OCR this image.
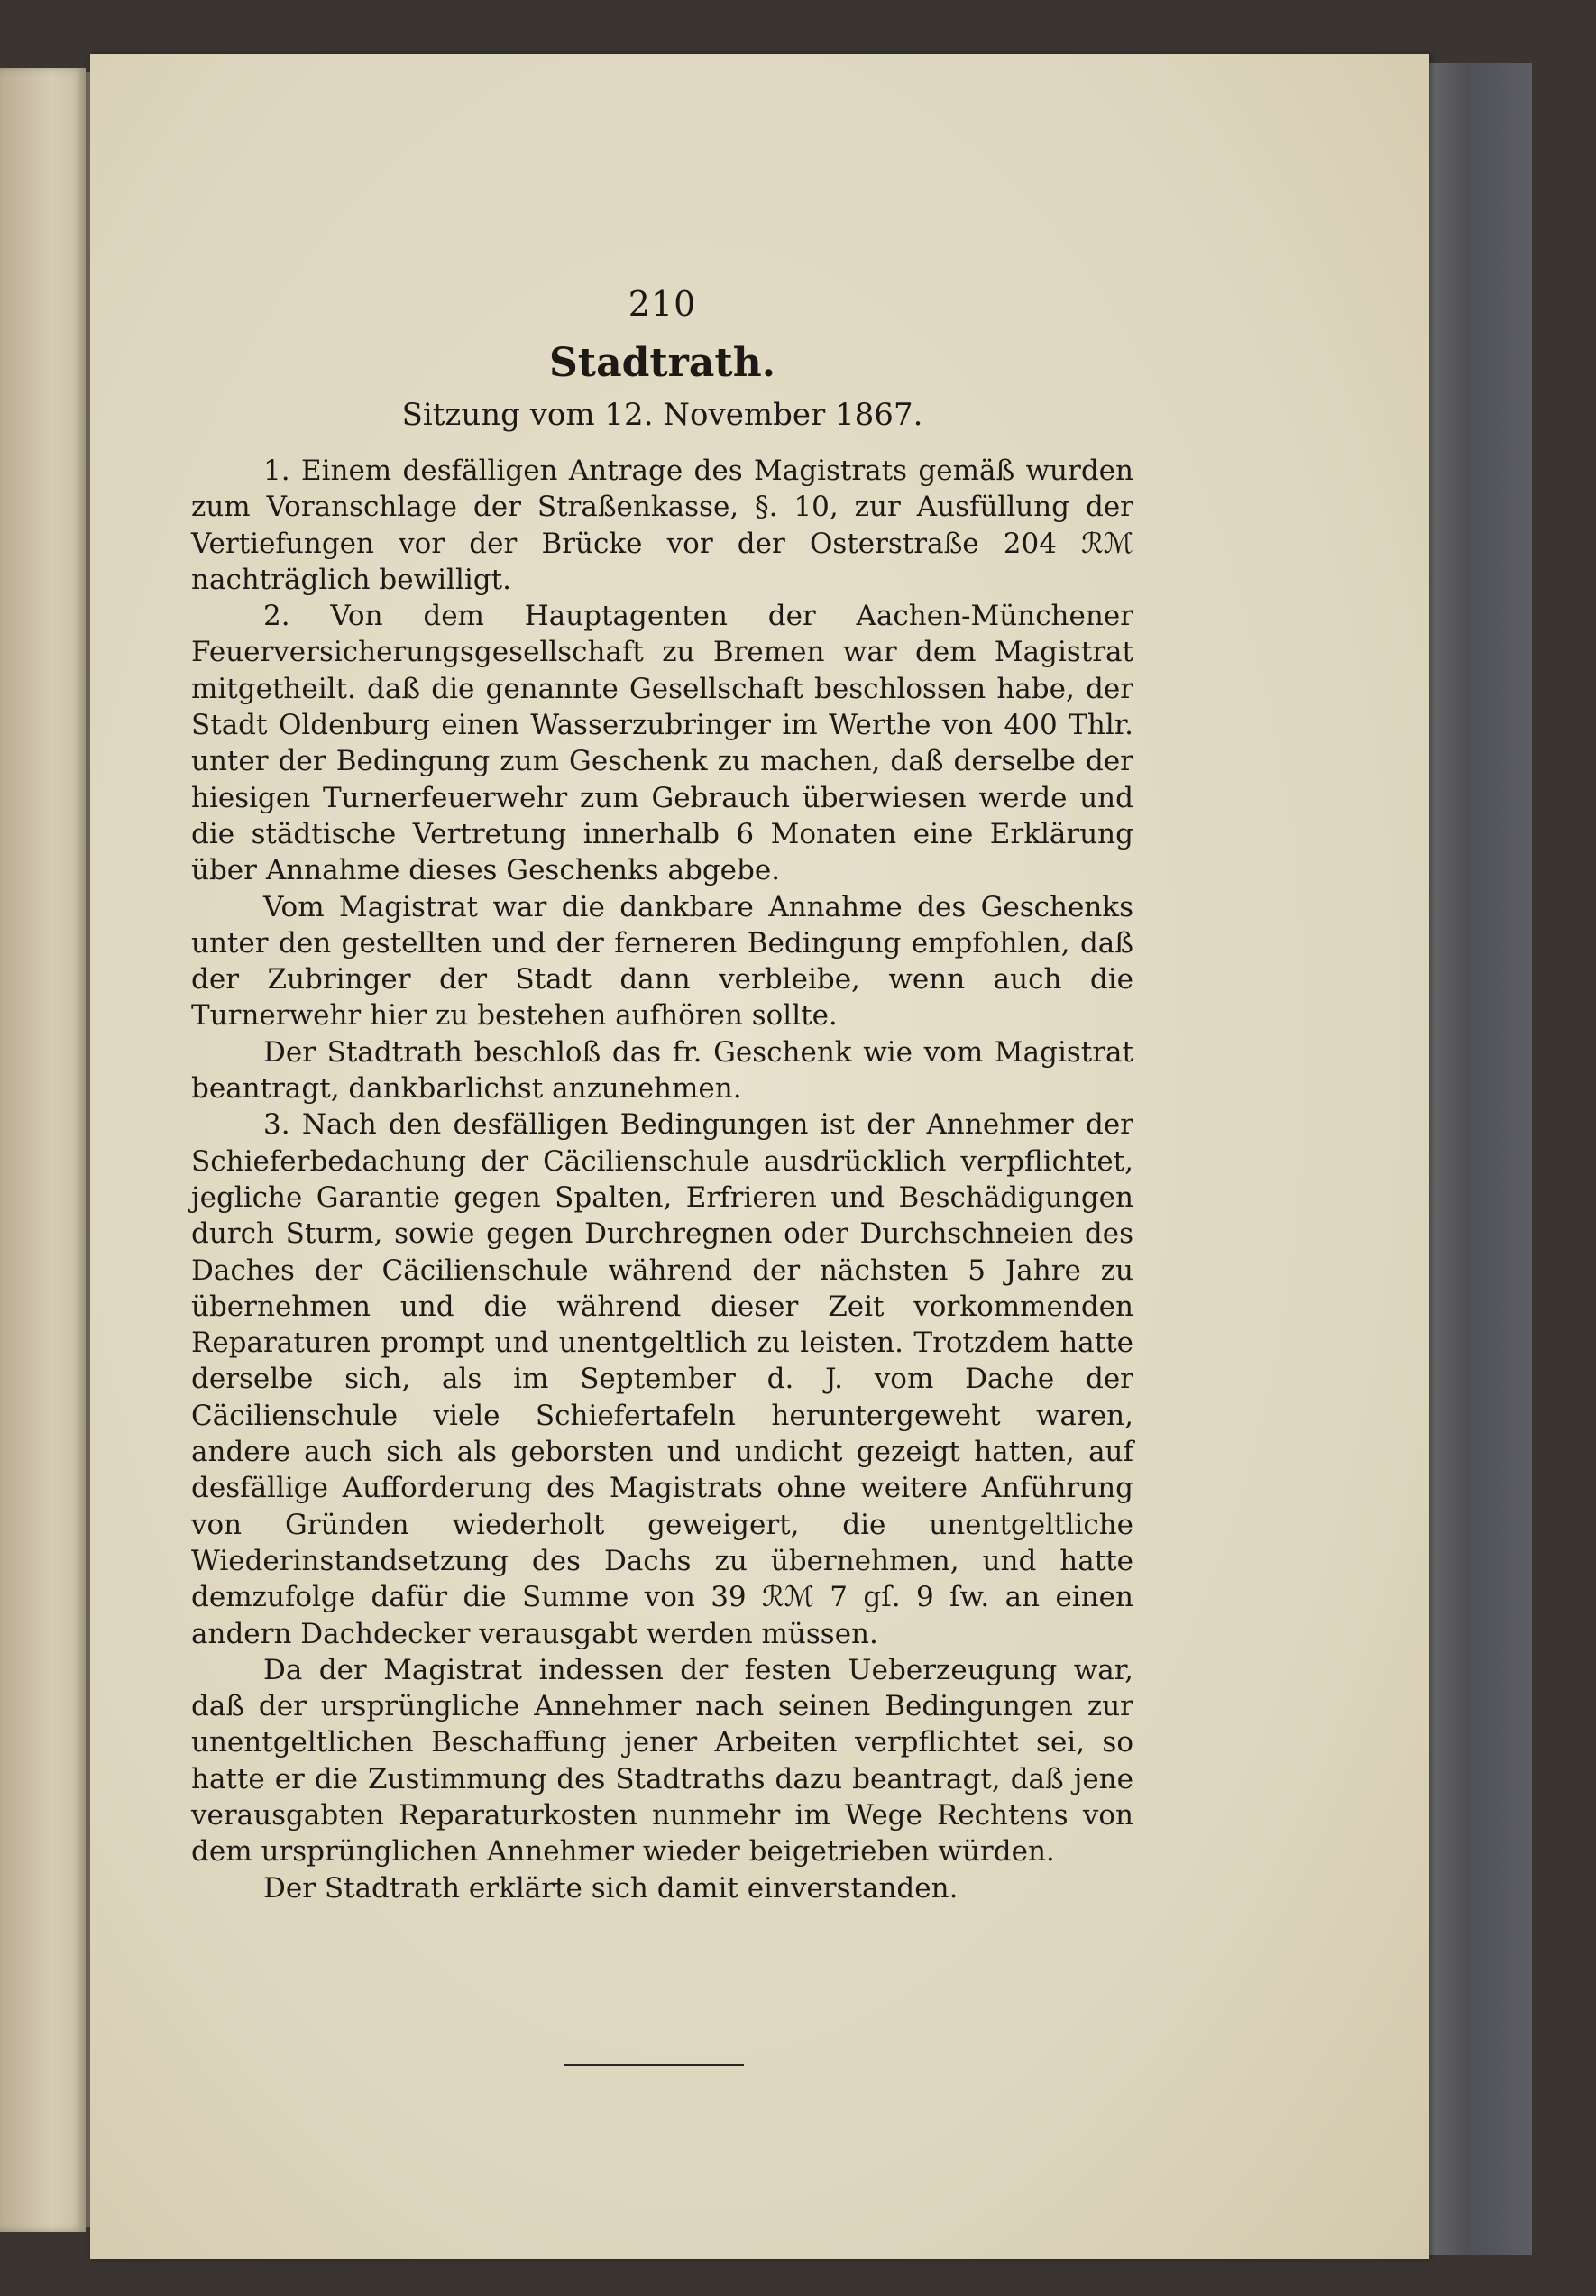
210
Stadtrath.
Sitzung vom 12. November 1867.

1. Einem desfälligen Antrage des Magistrats gemäß wurden zum Voranschlage der Straßenkasse, §. 10, zur Ausfüllung der Vertiefungen vor der Brücke vor der Osterstraße 204 ℛℳ nachträglich bewilligt.

2. Von dem Hauptagenten der Aachen-Münchener Feuerversicherungsgesellschaft zu Bremen war dem Magistrat mitgetheilt. daß die genannte Gesellschaft beschlossen habe, der Stadt Oldenburg einen Wasserzubringer im Werthe von 400 Thlr. unter der Bedingung zum Geschenk zu machen, daß derselbe der hiesigen Turnerfeuerwehr zum Gebrauch überwiesen werde und die städtische Vertretung innerhalb 6 Monaten eine Erklärung über Annahme dieses Geschenks abgebe.

Vom Magistrat war die dankbare Annahme des Geschenks unter den gestellten und der ferneren Bedingung empfohlen, daß der Zubringer der Stadt dann verbleibe, wenn auch die Turnerwehr hier zu bestehen aufhören sollte.

Der Stadtrath beschloß das fr. Geschenk wie vom Magistrat beantragt, dankbarlichst anzunehmen.

3. Nach den desfälligen Bedingungen ist der Annehmer der Schieferbedachung der Cäcilienschule ausdrücklich verpflichtet, jegliche Garantie gegen Spalten, Erfrieren und Beschädigungen durch Sturm, sowie gegen Durchregnen oder Durchschneien des Daches der Cäcilienschule während der nächsten 5 Jahre zu übernehmen und die während dieser Zeit vorkommenden Reparaturen prompt und unentgeltlich zu leisten. Trotzdem hatte derselbe sich, als im September d. J. vom Dache der Cäcilienschule viele Schiefertafeln heruntergeweht waren, andere auch sich als geborsten und undicht gezeigt hatten, auf desfällige Aufforderung des Magistrats ohne weitere Anführung von Gründen wiederholt geweigert, die unentgeltliche Wiederinstandsetzung des Dachs zu übernehmen, und hatte demzufolge dafür die Summe von 39 ℛℳ 7 gſ. 9 ſw. an einen andern Dachdecker verausgabt werden müssen.

Da der Magistrat indessen der festen Ueberzeugung war, daß der ursprüngliche Annehmer nach seinen Bedingungen zur unentgeltlichen Beschaffung jener Arbeiten verpflichtet sei, so hatte er die Zustimmung des Stadtraths dazu beantragt, daß jene verausgabten Reparaturkosten nunmehr im Wege Rechtens von dem ursprünglichen Annehmer wieder beigetrieben würden.

Der Stadtrath erklärte sich damit einverstanden.
